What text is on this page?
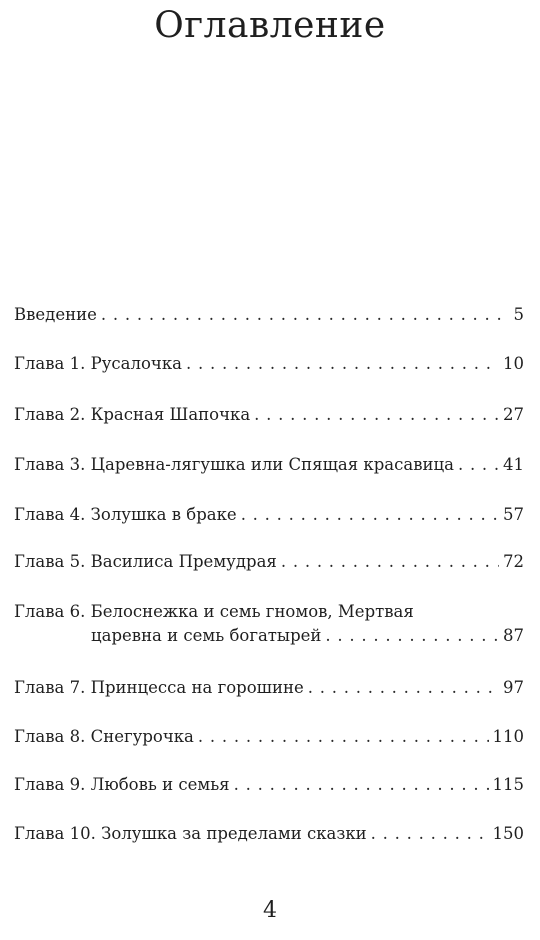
Оглавление
Введение . . .	5
Глава 1. Русалочка . . .	10
Глава 2. Красная Шапочка . . .	27
Глава 3. Царевна-лягушка или Спящая красавица . . .	41
Глава 4. Золушка в браке . . .	57
Глава 5. Василиса Премудрая . . .	72
Глава 6. Белоснежка и семь гномов, Мертвая
царевна и семь богатырей . . .	87
Глава 7. Принцесса на горошине . . .	97
Глава 8. Снегурочка . . .	110
Глава 9. Любовь и семья . . .	115
Глава 10. Золушка за пределами сказки . . .	150
4
